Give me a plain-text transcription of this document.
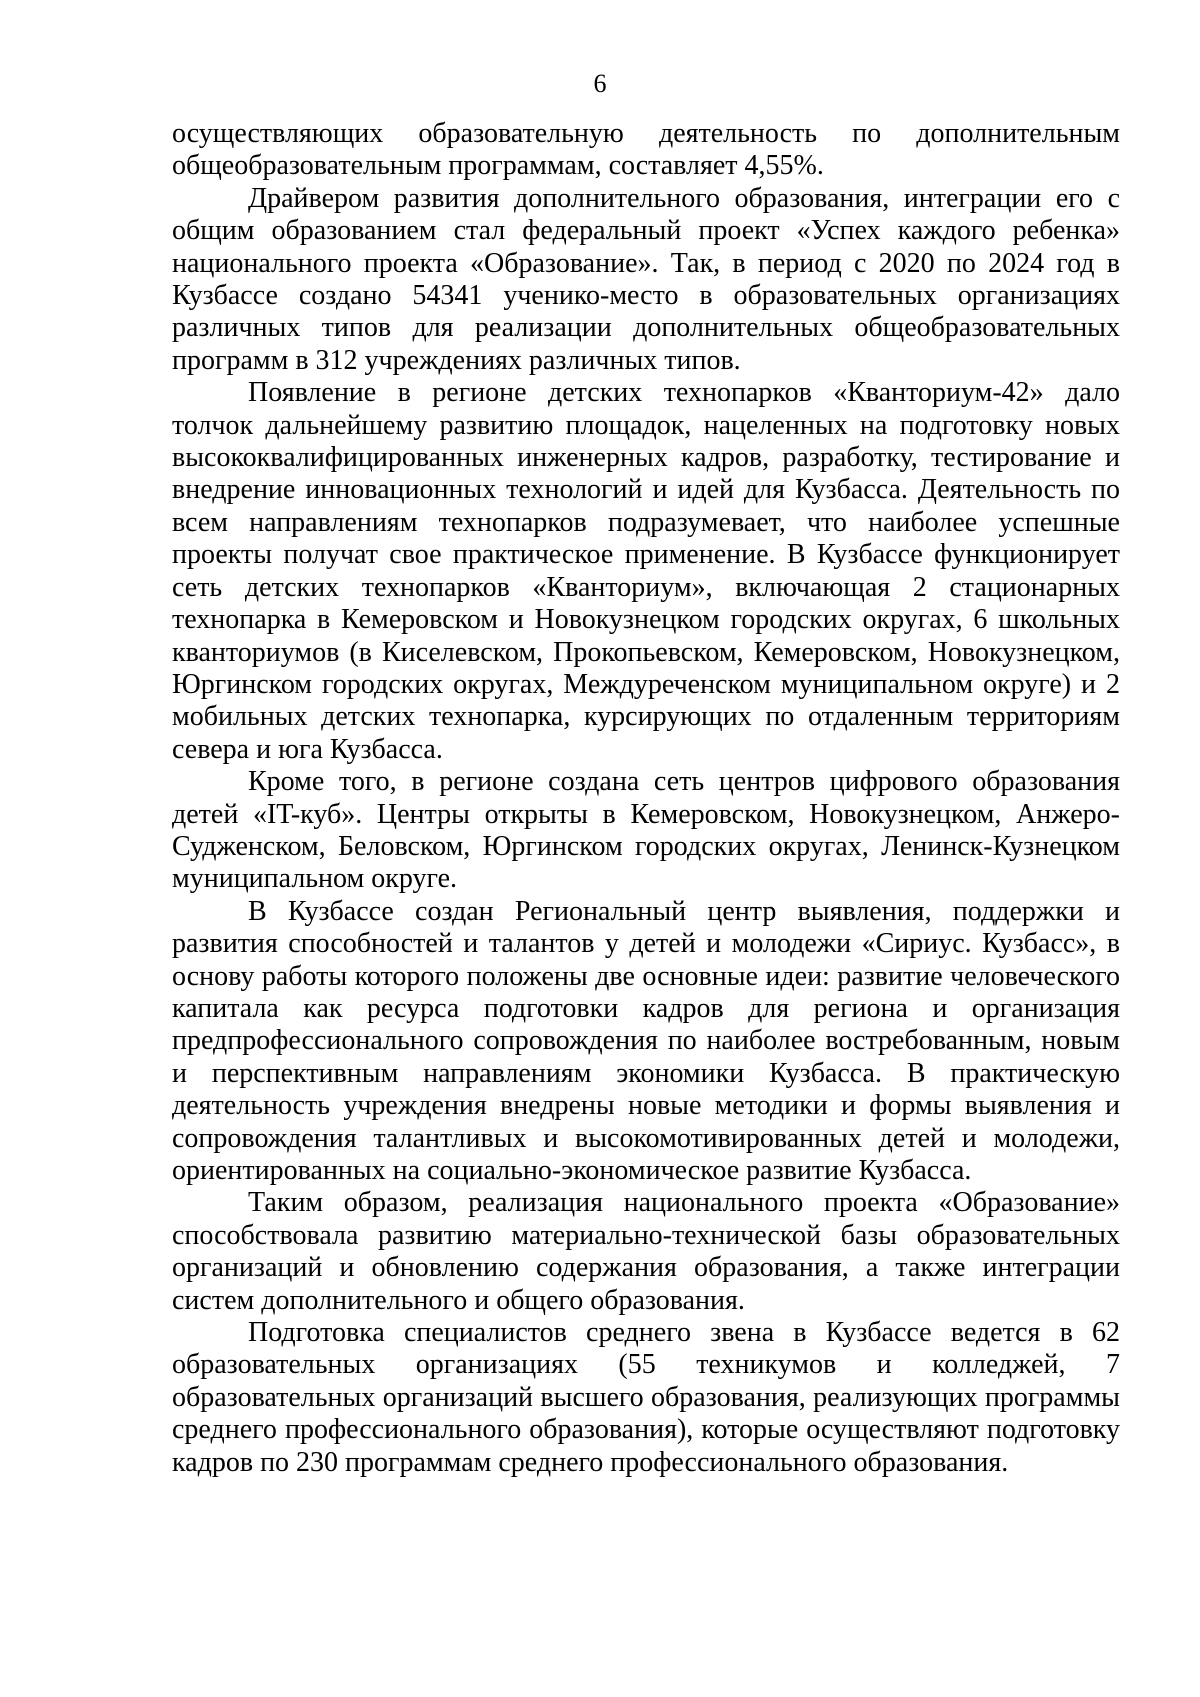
6

осуществляющих образовательную деятельность по дополнительным общеобразовательным программам, составляет 4,55%.

Драйвером развития дополнительного образования, интеграции его с общим образованием стал федеральный проект «Успех каждого ребенка» национального проекта «Образование». Так, в период с 2020 по 2024 год в Кузбассе создано 54341 ученико-место в образовательных организациях различных типов для реализации дополнительных общеобразовательных программ в 312 учреждениях различных типов.

Появление в регионе детских технопарков «Кванториум-42» дало толчок дальнейшему развитию площадок, нацеленных на подготовку новых высококвалифицированных инженерных кадров, разработку, тестирование и внедрение инновационных технологий и идей для Кузбасса. Деятельность по всем направлениям технопарков подразумевает, что наиболее успешные проекты получат свое практическое применение. В Кузбассе функционирует сеть детских технопарков «Кванториум», включающая 2 стационарных технопарка в Кемеровском и Новокузнецком городских округах, 6 школьных кванториумов (в Киселевском, Прокопьевском, Кемеровском, Новокузнецком, Юргинском городских округах, Междуреченском муниципальном округе) и 2 мобильных детских технопарка, курсирующих по отдаленным территориям севера и юга Кузбасса.

Кроме того, в регионе создана сеть центров цифрового образования детей «IT-куб». Центры открыты в Кемеровском, Новокузнецком, Анжеро-Судженском, Беловском, Юргинском городских округах, Ленинск-Кузнецком муниципальном округе.

В Кузбассе создан Региональный центр выявления, поддержки и развития способностей и талантов у детей и молодежи «Сириус. Кузбасс», в основу работы которого положены две основные идеи: развитие человеческого капитала как ресурса подготовки кадров для региона и организация предпрофессионального сопровождения по наиболее востребованным, новым и перспективным направлениям экономики Кузбасса. В практическую деятельность учреждения внедрены новые методики и формы выявления и сопровождения талантливых и высокомотивированных детей и молодежи, ориентированных на социально-экономическое развитие Кузбасса.

Таким образом, реализация национального проекта «Образование» способствовала развитию материально-технической базы образовательных организаций и обновлению содержания образования, а также интеграции систем дополнительного и общего образования.

Подготовка специалистов среднего звена в Кузбассе ведется в 62 образовательных организациях (55 техникумов и колледжей, 7 образовательных организаций высшего образования, реализующих программы среднего профессионального образования), которые осуществляют подготовку кадров по 230 программам среднего профессионального образования.
